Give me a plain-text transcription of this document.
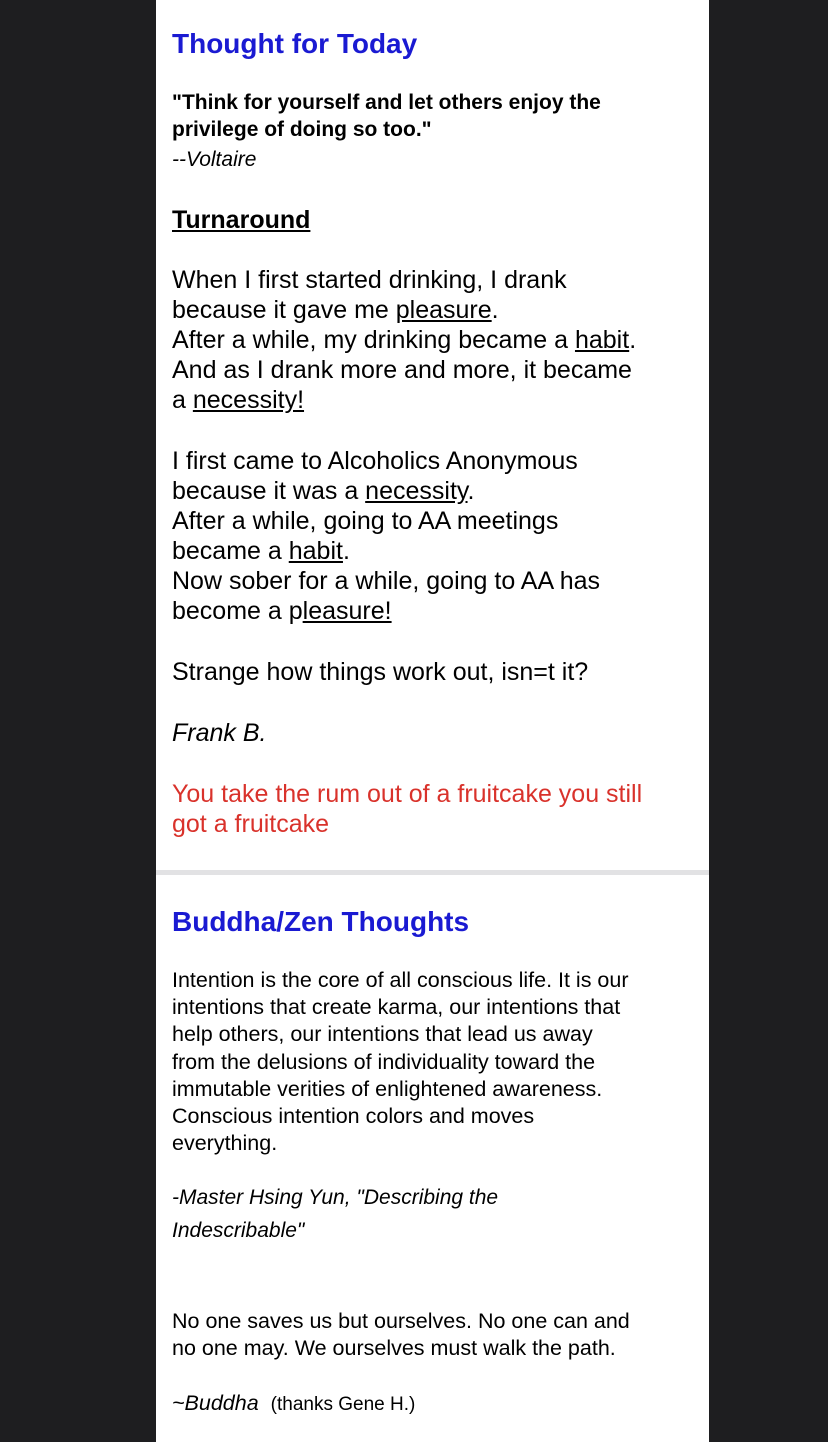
Thought for Today
"Think for yourself and let others enjoy the
privilege of doing so too."
--Voltaire
Turnaround
When I first started drinking, I drank
because it gave me pleasure.
After a while, my drinking became a habit.
And as I drank more and more, it became
a necessity!
I first came to Alcoholics Anonymous
because it was a necessity.
After a while, going to AA meetings
became a habit.
Now sober for a while, going to AA has
become a pleasure!
Strange how things work out, isn=t it?
Frank B.
You take the rum out of a fruitcake you still
got a fruitcake
Buddha/Zen Thoughts
Intention is the core of all conscious life. It is our
intentions that create karma, our intentions that
help others, our intentions that lead us away
from the delusions of individuality toward the
immutable verities of enlightened awareness.
Conscious intention colors and moves
everything.
-Master Hsing Yun, "Describing the
Indescribable"
No one saves us but ourselves. No one can and
no one may. We ourselves must walk the path.
~Buddha (thanks Gene H.)
